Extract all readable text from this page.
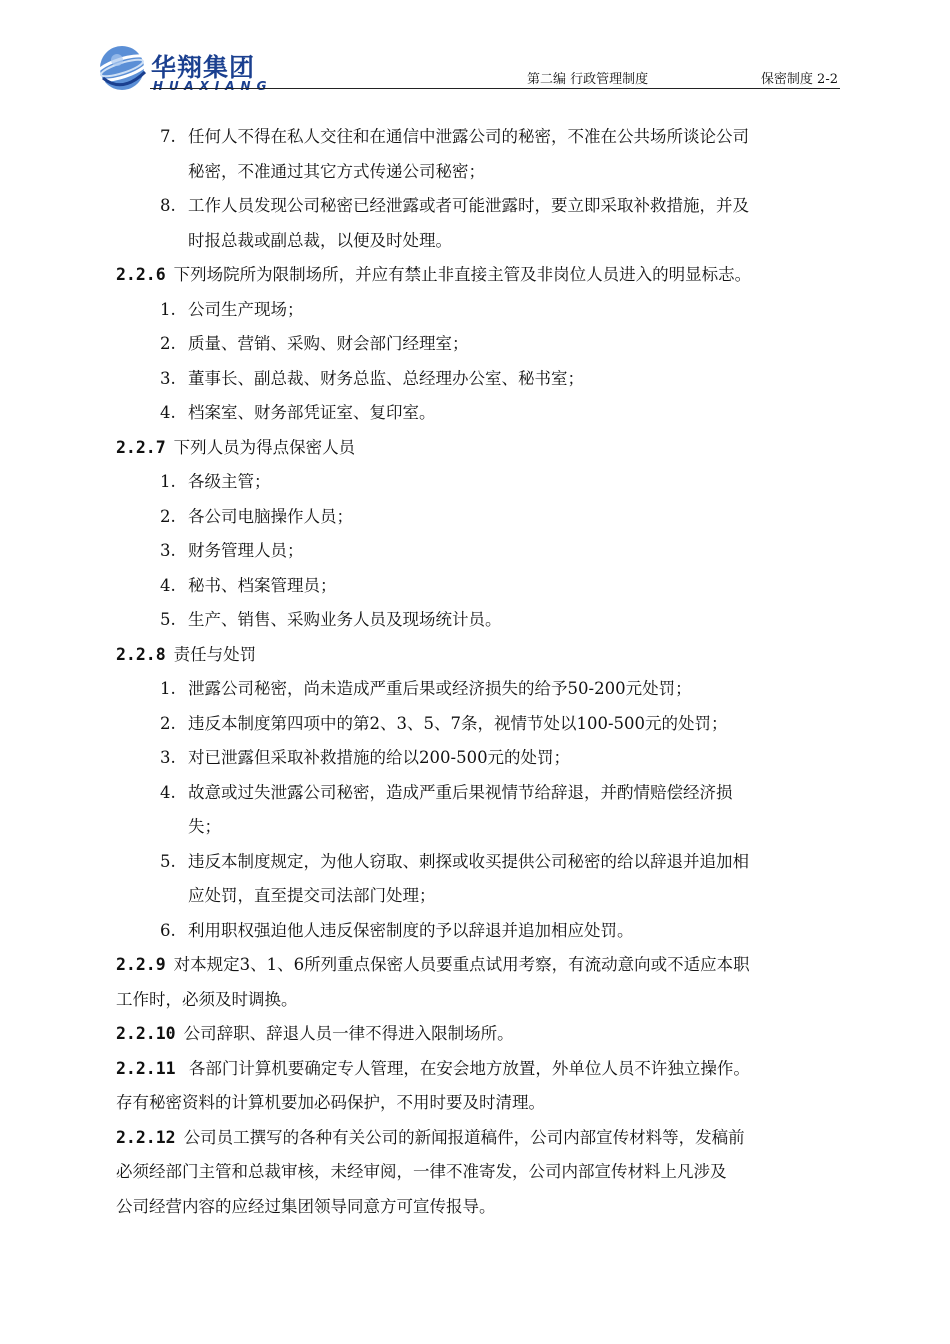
华翔集团
HUAXIANG	第二编 行政管理制度	保密制度 2-2
7. 任何人不得在私人交往和在通信中泄露公司的秘密，不准在公共场所谈论公司
秘密，不准通过其它方式传递公司秘密；
8. 工作人员发现公司秘密已经泄露或者可能泄露时，要立即采取补救措施，并及
时报总裁或副总裁，以便及时处理。
2.2.6 下列场院所为限制场所，并应有禁止非直接主管及非岗位人员进入的明显标志。
1. 公司生产现场；
2. 质量、营销、采购、财会部门经理室；
3. 董事长、副总裁、财务总监、总经理办公室、秘书室；
4. 档案室、财务部凭证室、复印室。
2.2.7 下列人员为得点保密人员
1. 各级主管；
2. 各公司电脑操作人员；
3. 财务管理人员；
4. 秘书、档案管理员；
5. 生产、销售、采购业务人员及现场统计员。
2.2.8 责任与处罚
1. 泄露公司秘密，尚未造成严重后果或经济损失的给予50-200元处罚；
2. 违反本制度第四项中的第2、3、5、7条，视情节处以100-500元的处罚；
3. 对已泄露但采取补救措施的给以200-500元的处罚；
4. 故意或过失泄露公司秘密，造成严重后果视情节给辞退，并酌情赔偿经济损
失；
5. 违反本制度规定，为他人窃取、刺探或收买提供公司秘密的给以辞退并追加相
应处罚，直至提交司法部门处理；
6. 利用职权强迫他人违反保密制度的予以辞退并追加相应处罚。
2.2.9 对本规定3、1、6所列重点保密人员要重点试用考察，有流动意向或不适应本职
工作时，必须及时调换。
2.2.10 公司辞职、辞退人员一律不得进入限制场所。
2.2.11 各部门计算机要确定专人管理，在安会地方放置，外单位人员不许独立操作。
存有秘密资料的计算机要加必码保护，不用时要及时清理。
2.2.12 公司员工撰写的各种有关公司的新闻报道稿件，公司内部宣传材料等，发稿前
必须经部门主管和总裁审核，未经审阅，一律不准寄发，公司内部宣传材料上凡涉及
公司经营内容的应经过集团领导同意方可宣传报导。
